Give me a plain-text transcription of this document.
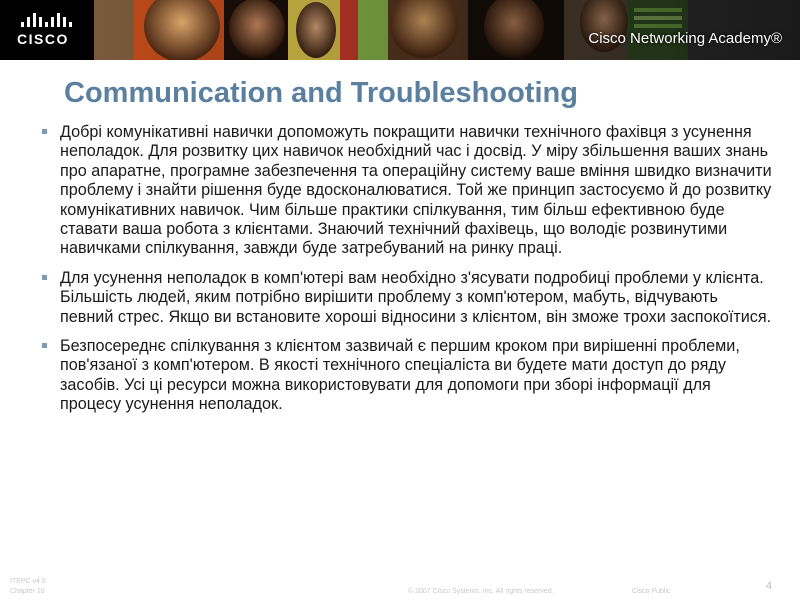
CISCO	Cisco Networking Academy®
Communication and Troubleshooting
Добрі комунікативні навички допоможуть покращити навички технічного фахівця з усунення неполадок. Для розвитку цих навичок необхідний час і досвід. У міру збільшення ваших знань про апаратне, програмне забезпечення та операційну систему ваше вміння швидко визначити проблему і знайти рішення буде вдосконалюватися. Той же принцип застосуємо й до розвитку комунікативних навичок. Чим більше практики спілкування, тим більш ефективною буде ставати ваша робота з клієнтами. Знаючий технічний фахівець, що володіє розвинутими навичками спілкування, завжди буде затребуваний на ринку праці.
Для усунення неполадок в комп'ютері вам необхідно з'ясувати подробиці проблеми у клієнта. Більшість людей, яким потрібно вирішити проблему з комп'ютером, мабуть, відчувають певний стрес. Якщо ви встановите хороші відносини з клієнтом, він зможе трохи заспокоїтися.
Безпосереднє спілкування з клієнтом зазвичай є першим кроком при вирішенні проблеми, пов'язаної з комп'ютером. В якості технічного спеціаліста ви будете мати доступ до ряду засобів. Усі ці ресурси можна використовувати для допомоги при зборі інформації для процесу усунення неполадок.
ITEPC v4.0
Chapter 10	© 2007 Cisco Systems, Inc. All rights reserved.	Cisco Public	4
